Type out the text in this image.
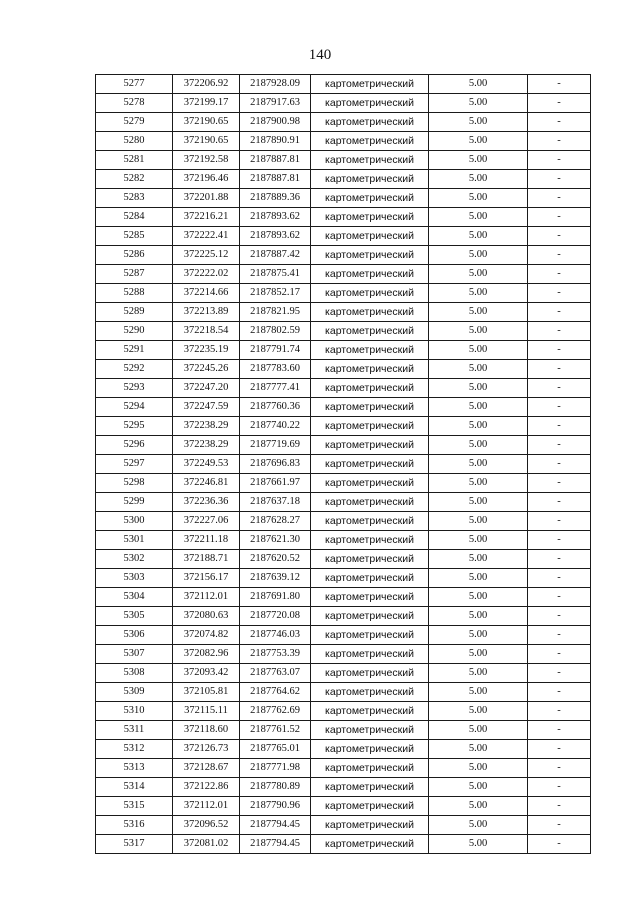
140
5277	372206.92	2187928.09	картометрический	5.00	-
5278	372199.17	2187917.63	картометрический	5.00	-
5279	372190.65	2187900.98	картометрический	5.00	-
5280	372190.65	2187890.91	картометрический	5.00	-
5281	372192.58	2187887.81	картометрический	5.00	-
5282	372196.46	2187887.81	картометрический	5.00	-
5283	372201.88	2187889.36	картометрический	5.00	-
5284	372216.21	2187893.62	картометрический	5.00	-
5285	372222.41	2187893.62	картометрический	5.00	-
5286	372225.12	2187887.42	картометрический	5.00	-
5287	372222.02	2187875.41	картометрический	5.00	-
5288	372214.66	2187852.17	картометрический	5.00	-
5289	372213.89	2187821.95	картометрический	5.00	-
5290	372218.54	2187802.59	картометрический	5.00	-
5291	372235.19	2187791.74	картометрический	5.00	-
5292	372245.26	2187783.60	картометрический	5.00	-
5293	372247.20	2187777.41	картометрический	5.00	-
5294	372247.59	2187760.36	картометрический	5.00	-
5295	372238.29	2187740.22	картометрический	5.00	-
5296	372238.29	2187719.69	картометрический	5.00	-
5297	372249.53	2187696.83	картометрический	5.00	-
5298	372246.81	2187661.97	картометрический	5.00	-
5299	372236.36	2187637.18	картометрический	5.00	-
5300	372227.06	2187628.27	картометрический	5.00	-
5301	372211.18	2187621.30	картометрический	5.00	-
5302	372188.71	2187620.52	картометрический	5.00	-
5303	372156.17	2187639.12	картометрический	5.00	-
5304	372112.01	2187691.80	картометрический	5.00	-
5305	372080.63	2187720.08	картометрический	5.00	-
5306	372074.82	2187746.03	картометрический	5.00	-
5307	372082.96	2187753.39	картометрический	5.00	-
5308	372093.42	2187763.07	картометрический	5.00	-
5309	372105.81	2187764.62	картометрический	5.00	-
5310	372115.11	2187762.69	картометрический	5.00	-
5311	372118.60	2187761.52	картометрический	5.00	-
5312	372126.73	2187765.01	картометрический	5.00	-
5313	372128.67	2187771.98	картометрический	5.00	-
5314	372122.86	2187780.89	картометрический	5.00	-
5315	372112.01	2187790.96	картометрический	5.00	-
5316	372096.52	2187794.45	картометрический	5.00	-
5317	372081.02	2187794.45	картометрический	5.00	-
